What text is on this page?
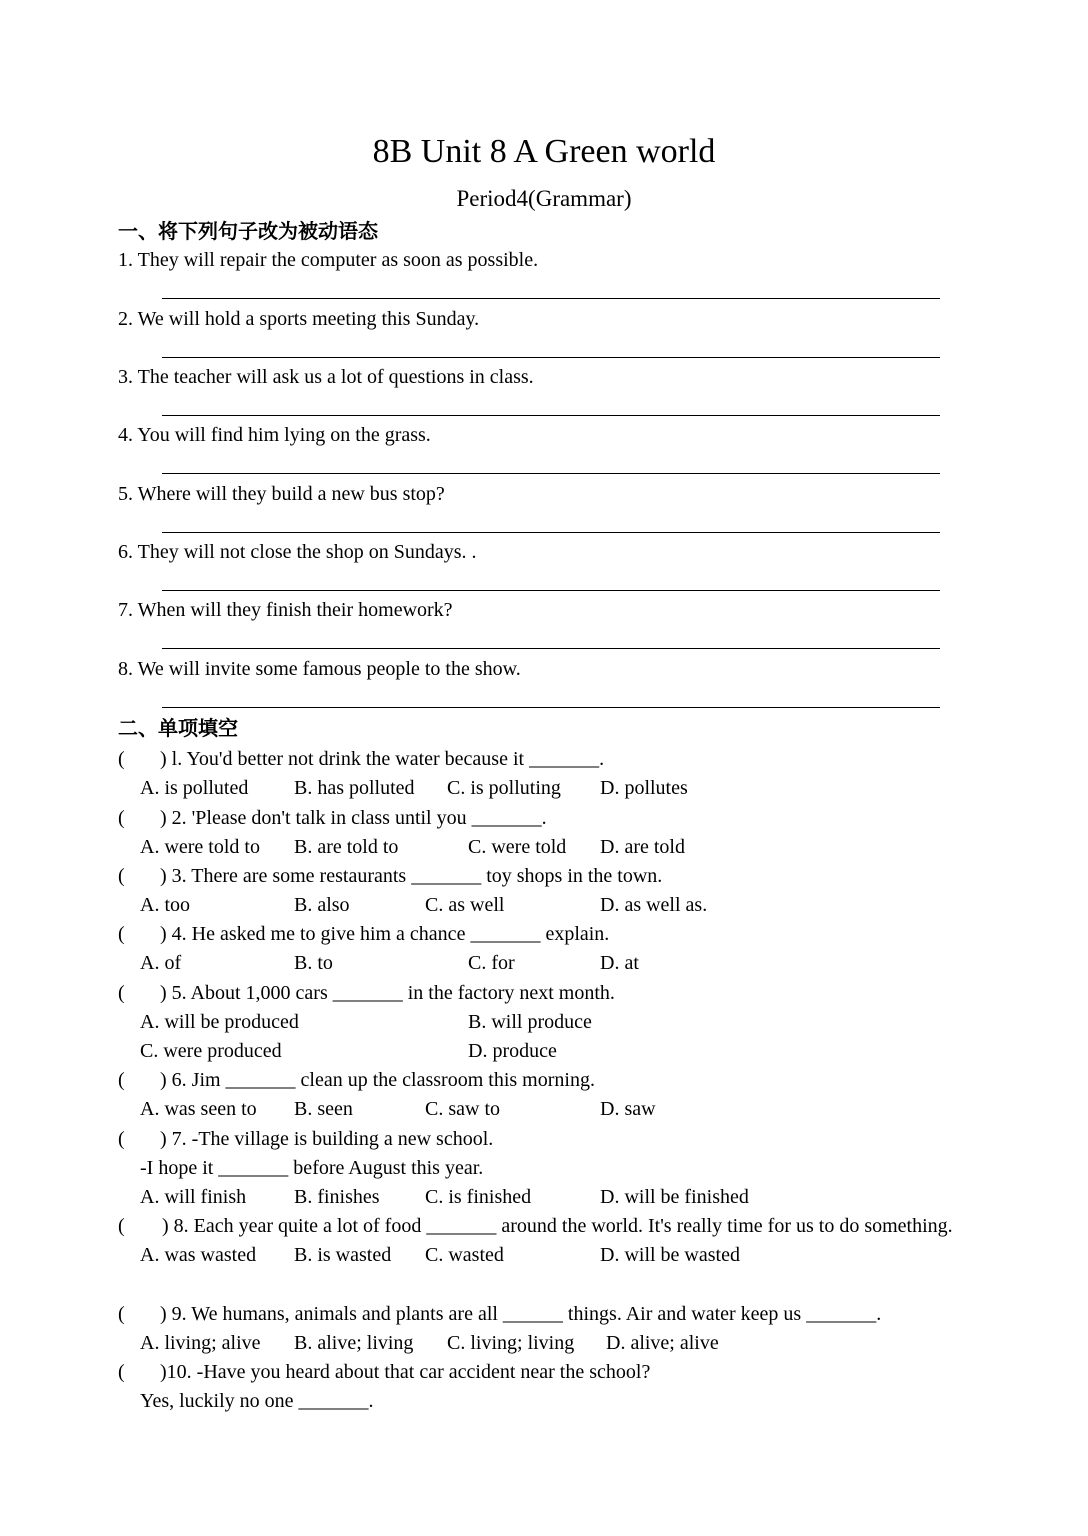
8B Unit 8 A Green world
Period4(Grammar)
一、将下列句子改为被动语态
1. They will repair the computer as soon as possible.
2. We will hold a sports meeting this Sunday.
3. The teacher will ask us a lot of questions in class.
4. You will find him lying on the grass.
5. Where will they build a new bus stop?
6. They will not close the shop on Sundays. .
7. When will they finish their homework?
8. We will invite some famous people to the show.
二、单项填空
( ) l. You'd better not drink the water because it _______.
A. is polluted B. has polluted C. is polluting D. pollutes
( ) 2. 'Please don't talk in class until you _______.
A. were told to B. are told to	C. were told D. are told
( ) 3. There are some restaurants _______ toy shops in the town.
A. too	B. also	C. as well	D. as well as.
( ) 4. He asked me to give him a chance _______ explain.
A. of	B. to	C. for	D. at
( ) 5. About 1,000 cars _______ in the factory next month.
A. will be produced	B. will produce
C. were produced	D. produce
( ) 6. Jim _______ clean up the classroom this morning.
A. was seen to B. seen	C. saw to	D. saw
( ) 7. -The village is building a new school.
-I hope it _______ before August this year.
A. will finish B. finishes C. is finished	D. will be finished
(	) 8. Each year quite a lot of food _______ around the world. It's really time for us to do something.
A. was wasted B. is wasted C. wasted	D. will be wasted
( ) 9. We humans, animals and plants are all ______ things. Air and water keep us _______.
A. living; alive B. alive; living C. living; living D. alive; alive
( )10. -Have you heard about that car accident near the school?
Yes, luckily no one _______.
